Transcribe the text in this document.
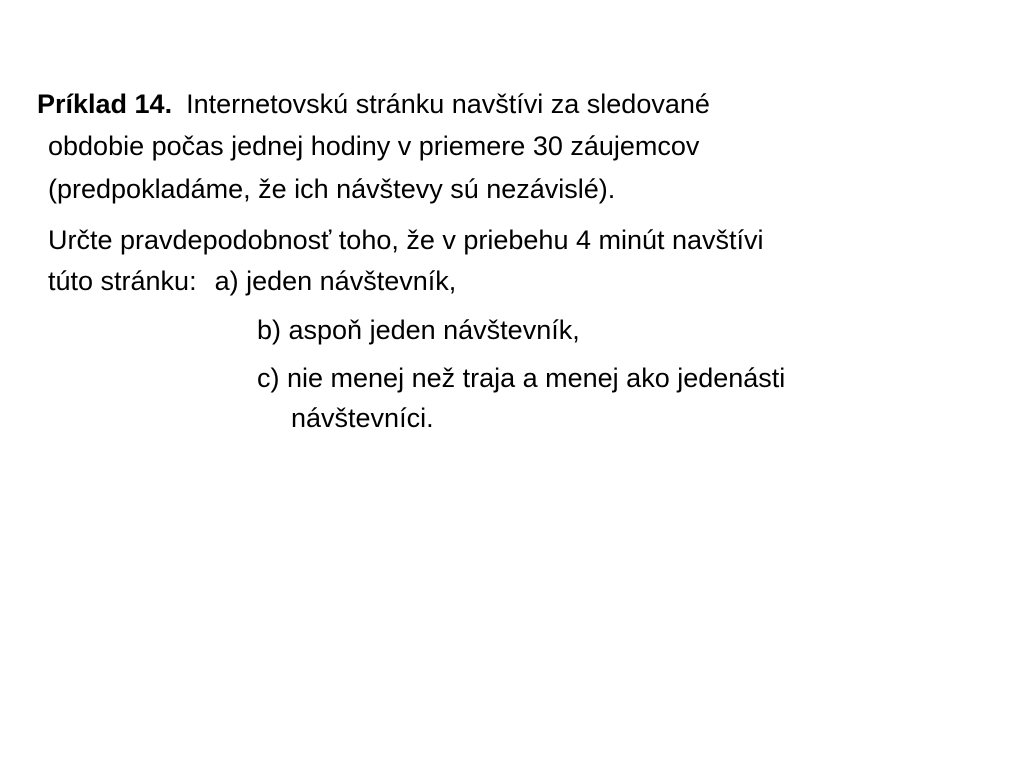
Príklad 14. Internetovskú stránku navštívi za sledované
obdobie počas jednej hodiny v priemere 30 záujemcov
(predpokladáme, že ich návštevy sú nezávislé).
Určte pravdepodobnosť toho, že v priebehu 4 minút navštívi
túto stránku: a) jeden návštevník,
b) aspoň jeden návštevník,
c) nie menej než traja a menej ako jedenásti
návštevníci.
